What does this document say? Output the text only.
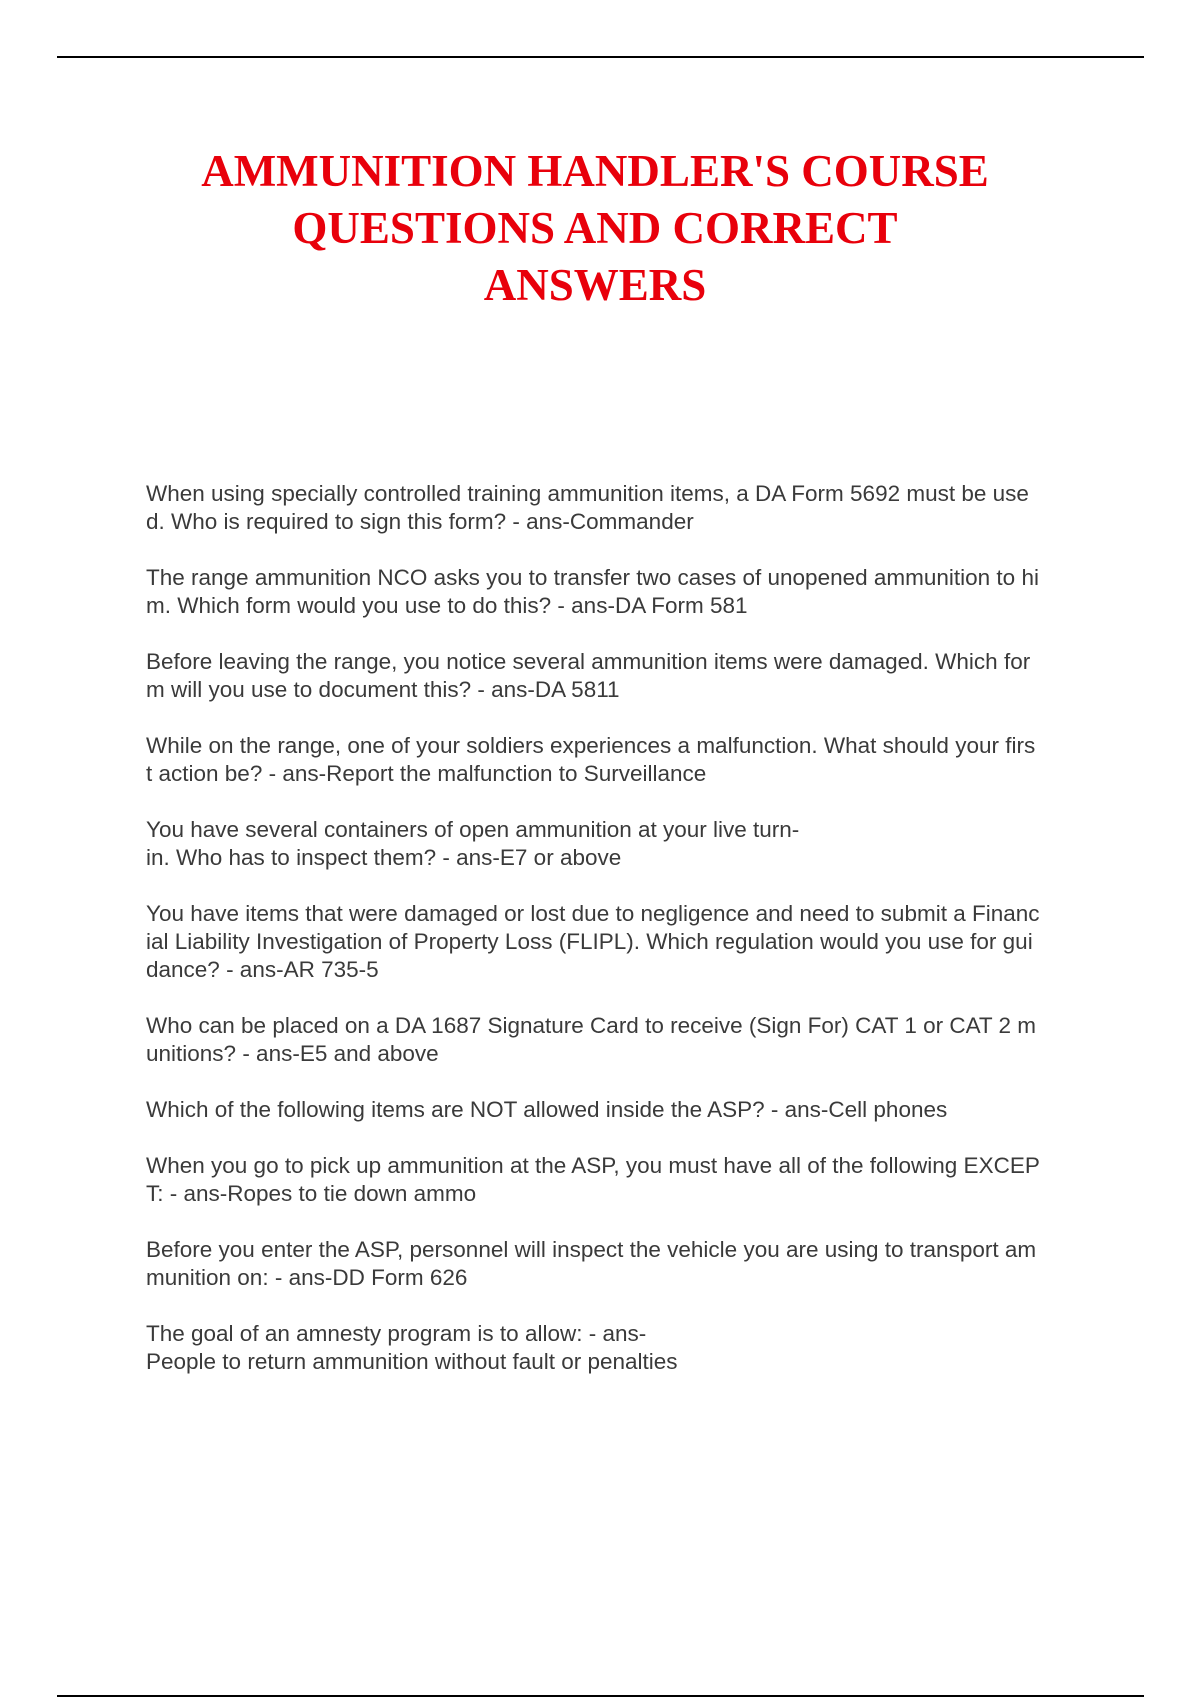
AMMUNITION HANDLER'S COURSE
QUESTIONS AND CORRECT
ANSWERS
When using specially controlled training ammunition items, a DA Form 5692 must be use
d. Who is required to sign this form? - ans-Commander
The range ammunition NCO asks you to transfer two cases of unopened ammunition to hi
m. Which form would you use to do this? - ans-DA Form 581
Before leaving the range, you notice several ammunition items were damaged. Which for
m will you use to document this? - ans-DA 5811
While on the range, one of your soldiers experiences a malfunction. What should your firs
t action be? - ans-Report the malfunction to Surveillance
You have several containers of open ammunition at your live turn-
in. Who has to inspect them? - ans-E7 or above
You have items that were damaged or lost due to negligence and need to submit a Financ
ial Liability Investigation of Property Loss (FLIPL). Which regulation would you use for gui
dance? - ans-AR 735-5
Who can be placed on a DA 1687 Signature Card to receive (Sign For) CAT 1 or CAT 2 m
unitions? - ans-E5 and above
Which of the following items are NOT allowed inside the ASP? - ans-Cell phones
When you go to pick up ammunition at the ASP, you must have all of the following EXCEP
T: - ans-Ropes to tie down ammo
Before you enter the ASP, personnel will inspect the vehicle you are using to transport am
munition on: - ans-DD Form 626
The goal of an amnesty program is to allow: - ans-
People to return ammunition without fault or penalties
